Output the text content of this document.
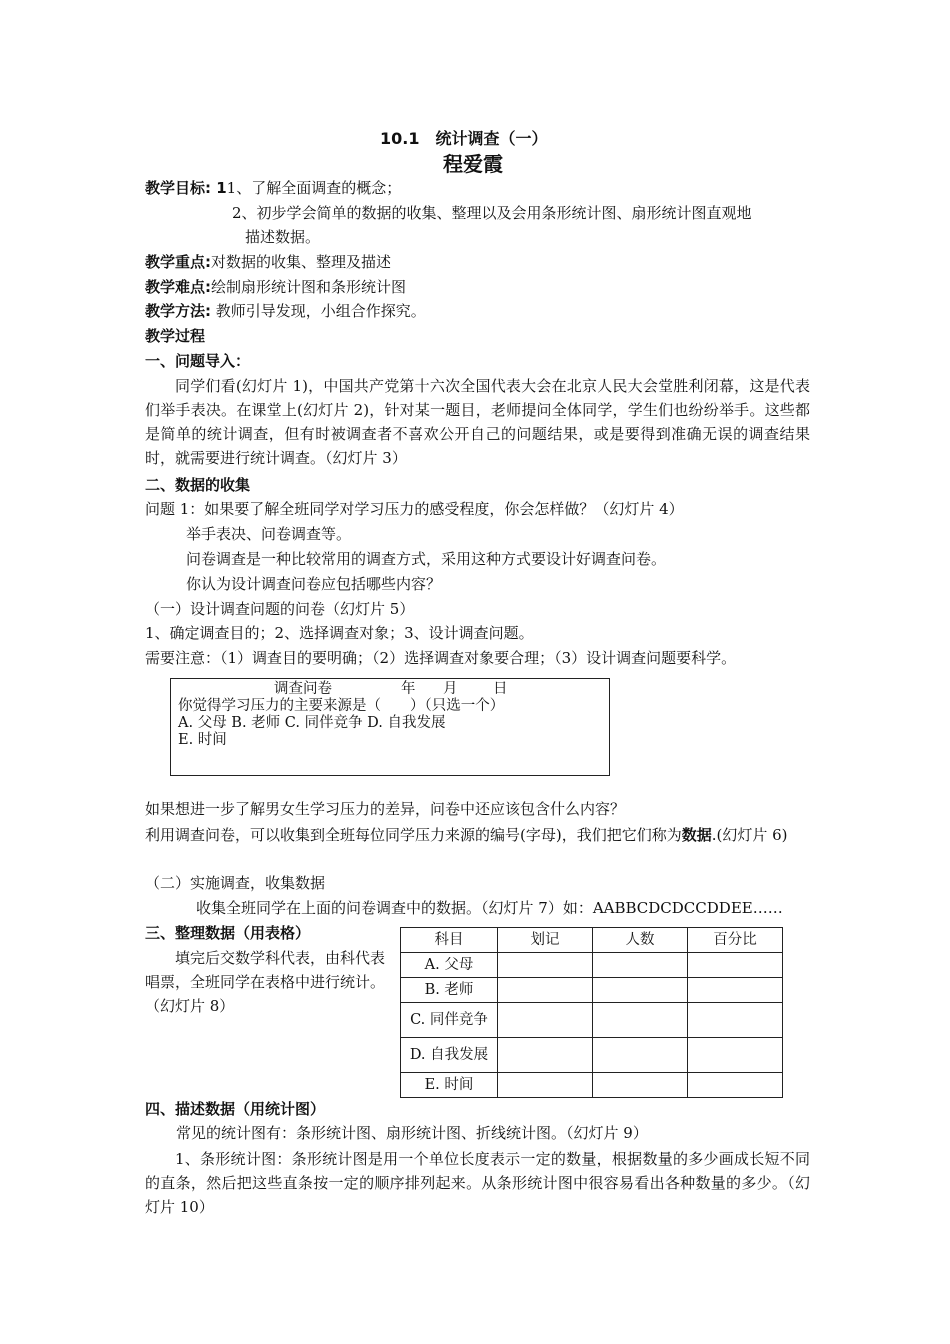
10.1　统计调查（一）
程爱霞
教学目标: 11、了解全面调查的概念；
2、初步学会简单的数据的收集、整理以及会用条形统计图、扇形统计图直观地
描述数据。
教学重点:对数据的收集、整理及描述
教学难点:绘制扇形统计图和条形统计图
教学方法: 教师引导发现，小组合作探究。
教学过程
一、问题导入：
同学们看(幻灯片 1)，中国共产党第十六次全国代表大会在北京人民大会堂胜利闭幕，这是代表们举手表决。在课堂上(幻灯片 2)，针对某一题目，老师提问全体同学，学生们也纷纷举手。这些都是简单的统计调查，但有时被调查者不喜欢公开自己的问题结果，或是要得到准确无误的调查结果时，就需要进行统计调查。（幻灯片 3）
二、数据的收集
问题 1：如果要了解全班同学对学习压力的感受程度，你会怎样做？（幻灯片 4）
举手表决、问卷调查等。
问卷调查是一种比较常用的调查方式，采用这种方式要设计好调查问卷。
你认为设计调查问卷应包括哪些内容？
（一）设计调查问题的问卷（幻灯片 5）
1、确定调查目的；2、选择调查对象；3、设计调查问题。
需要注意：（1）调查目的要明确；（2）选择调查对象要合理；（3）设计调查问题要科学。
调查问卷	年 月 日
你觉得学习压力的主要来源是（　　）（只选一个）
A. 父母 B. 老师 C. 同伴竞争 D. 自我发展
E. 时间
如果想进一步了解男女生学习压力的差异，问卷中还应该包含什么内容？
利用调查问卷，可以收集到全班每位同学压力来源的编号(字母)，我们把它们称为数据.(幻灯片 6)
（二）实施调查，收集数据
收集全班同学在上面的问卷调查中的数据。（幻灯片 7）如：AABBCDCDCCDDEE……
三、整理数据（用表格）
填完后交数学科代表，由科代表唱票，全班同学在表格中进行统计。（幻灯片 8）
科目	划记	人数	百分比
A. 父母			
B. 老师			
C. 同伴竞争			
D. 自我发展			
E. 时间			
四、描述数据（用统计图）
常见的统计图有：条形统计图、扇形统计图、折线统计图。（幻灯片 9）
1、条形统计图：条形统计图是用一个单位长度表示一定的数量，根据数量的多少画成长短不同的直条，然后把这些直条按一定的顺序排列起来。从条形统计图中很容易看出各种数量的多少。（幻灯片 10）
